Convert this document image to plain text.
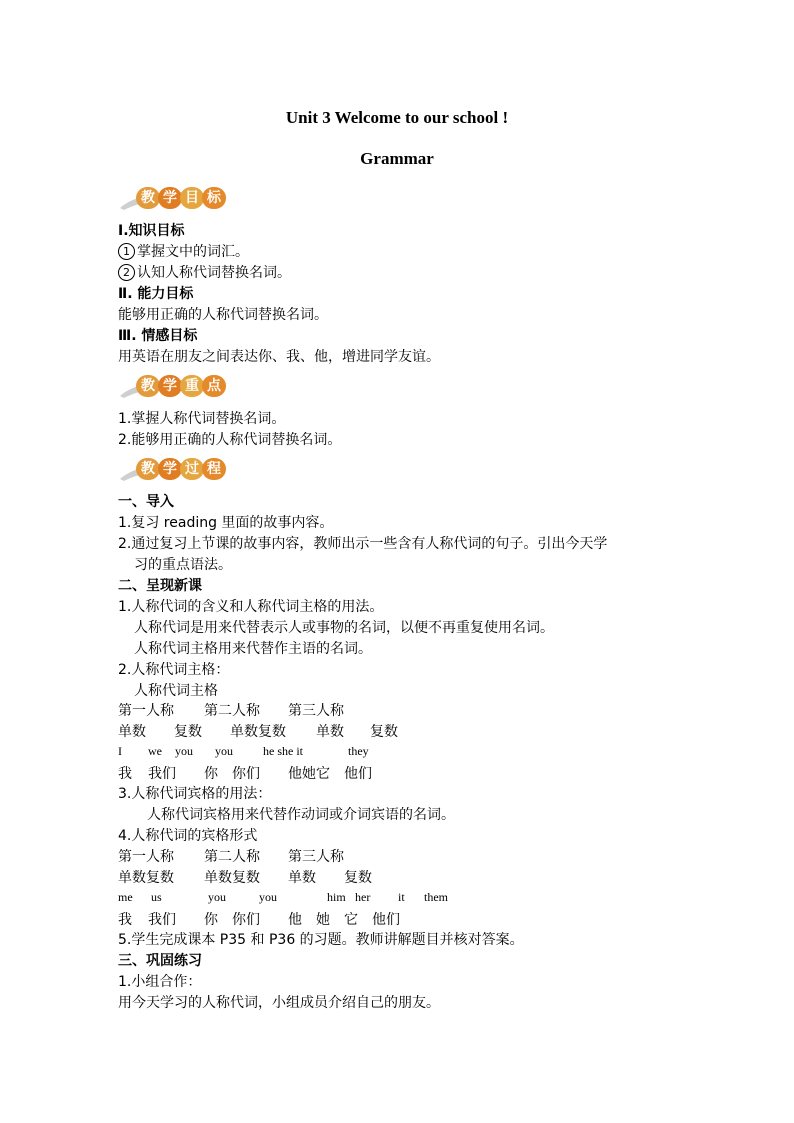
Unit 3 Welcome to our school !
Grammar
教 学 目 标
Ⅰ.知识目标
1 掌握文中的词汇。
2 认知人称代词替换名词。
Ⅱ. 能力目标
能够用正确的人称代词替换名词。
Ⅲ. 情感目标
用英语在朋友之间表达你、我、他，增进同学友谊。
教 学 重 点
1.掌握人称代词替换名词。
2.能够用正确的人称代词替换名词。
教 学 过 程
一、导入
1.复习 reading 里面的故事内容。
2.通过复习上节课的故事内容，教师出示一些含有人称代词的句子。引出今天学
习的重点语法。
二、呈现新课
1.人称代词的含义和人称代词主格的用法。
人称代词是用来代替表示人或事物的名词，以便不再重复使用名词。
人称代词主格用来代替作主语的名词。
2.人称代词主格：
人称代词主格
第一人称 第二人称 第三人称
单数 复数 单数复数 单数 复数
I we you you	he she it	they
我 我们 你 你们 他她它 他们
3.人称代词宾格的用法：
人称代词宾格用来代替作动词或介词宾语的名词。
4.人称代词的宾格形式
第一人称 第二人称 第三人称
单数复数 单数复数 单数 复数
me us	you	you	him her it them
我 我们 你 你们 他 她 它 他们
5.学生完成课本 P35 和 P36 的习题。教师讲解题目并核对答案。
三、巩固练习
1.小组合作：
用今天学习的人称代词，小组成员介绍自己的朋友。
